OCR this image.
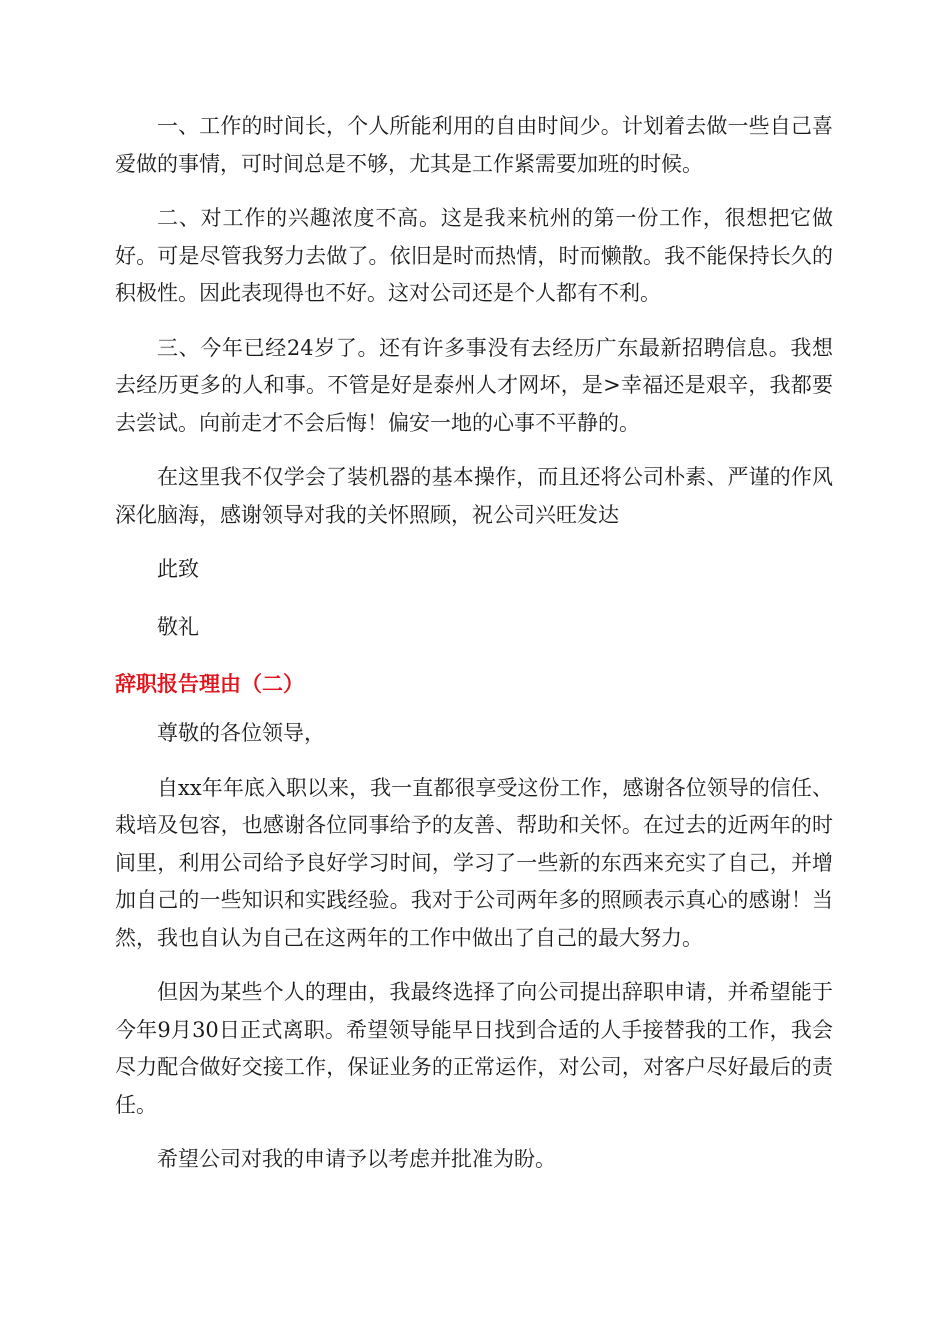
一、工作的时间长，个人所能利用的自由时间少。计划着去做一些自己喜爱做的事情，可时间总是不够，尤其是工作紧需要加班的时候。

二、对工作的兴趣浓度不高。这是我来杭州的第一份工作，很想把它做好。可是尽管我努力去做了。依旧是时而热情，时而懒散。我不能保持长久的积极性。因此表现得也不好。这对公司还是个人都有不利。

三、今年已经24岁了。还有许多事没有去经历广东最新招聘信息。我想去经历更多的人和事。不管是好是泰州人才网坏，是>幸福还是艰辛，我都要去尝试。向前走才不会后悔！偏安一地的心事不平静的。

在这里我不仅学会了装机器的基本操作，而且还将公司朴素、严谨的作风深化脑海，感谢领导对我的关怀照顾，祝公司兴旺发达

此致

敬礼

辞职报告理由（二）

尊敬的各位领导，

自xx年年底入职以来，我一直都很享受这份工作，感谢各位领导的信任、栽培及包容，也感谢各位同事给予的友善、帮助和关怀。在过去的近两年的时间里，利用公司给予良好学习时间，学习了一些新的东西来充实了自己，并增加自己的一些知识和实践经验。我对于公司两年多的照顾表示真心的感谢！当然，我也自认为自己在这两年的工作中做出了自己的最大努力。

但因为某些个人的理由，我最终选择了向公司提出辞职申请，并希望能于今年9月30日正式离职。希望领导能早日找到合适的人手接替我的工作，我会尽力配合做好交接工作，保证业务的正常运作，对公司，对客户尽好最后的责任。

希望公司对我的申请予以考虑并批准为盼。
